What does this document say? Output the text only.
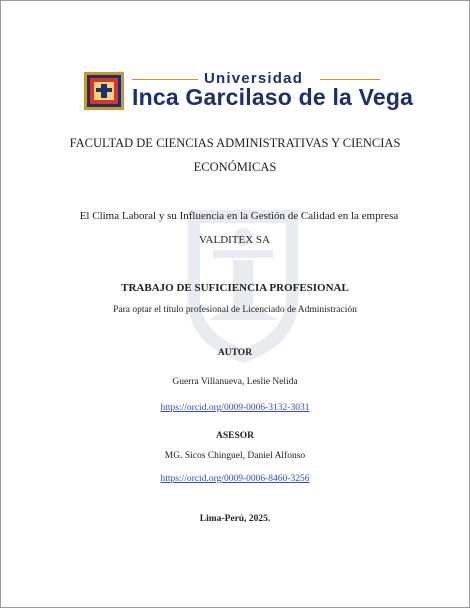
Universidad
Inca Garcilaso de la Vega
FACULTAD DE CIENCIAS ADMINISTRATIVAS Y CIENCIAS
ECONÓMICAS
El Clima Laboral y su Influencia en la Gestión de Calidad en la empresa
VALDITEX SA
TRABAJO DE SUFICIENCIA PROFESIONAL
Para optar el título profesional de Licenciado de Administración
AUTOR
Guerra Villanueva, Leslie Nelida
https://orcid.org/0009-0006-3132-3031
ASESOR
MG. Sicos Chinguel, Daniel Alfonso
https://orcid.org/0009-0006-8460-3256
Lima-Perú, 2025.
